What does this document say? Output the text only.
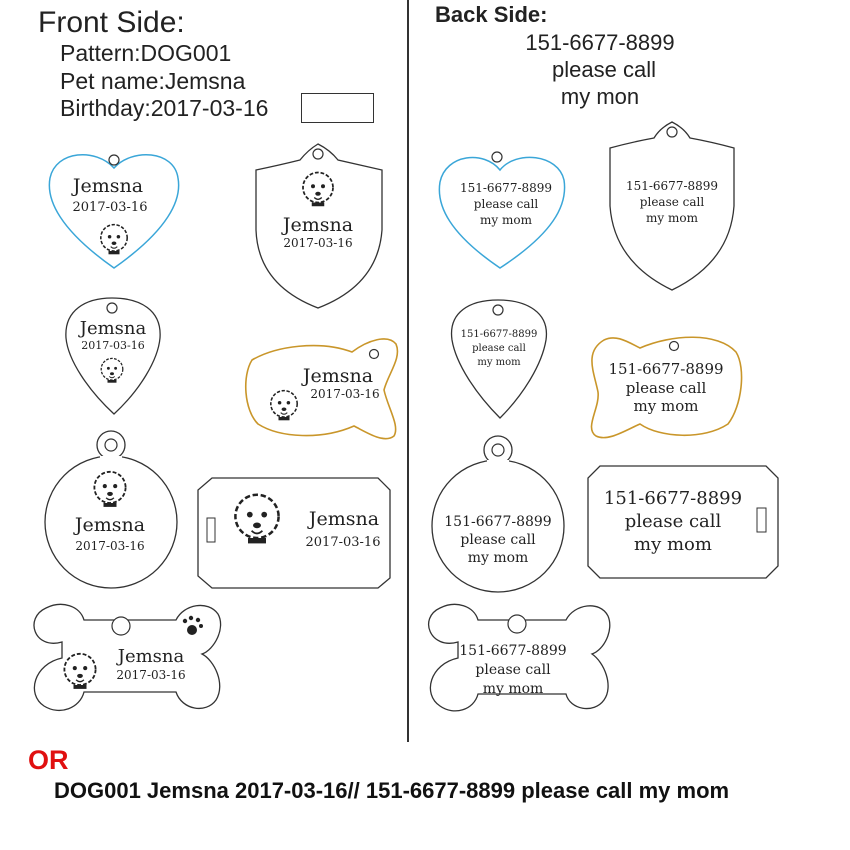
Front Side:
Pattern:DOG001
Pet name:Jemsna
Birthday:2017-03-16
Back Side:
151-6677-8899
please call
my mon
Jemsna
2017-03-16
Jemsna
2017-03-16
Jemsna
2017-03-16
Jemsna
2017-03-16
Jemsna
2017-03-16
Jemsna
2017-03-16
Jemsna
2017-03-16
151-6677-8899
please call
my mom
151-6677-8899
please call
my mom
151-6677-8899
please call
my mom	151-6677-8899
please call
my mom
151-6677-8899
please call
my mom
151-6677-8899
please call
my mom
151-6677-8899
please call
my mom
OR
DOG001 Jemsna 2017-03-16// 151-6677-8899 please call my mom
